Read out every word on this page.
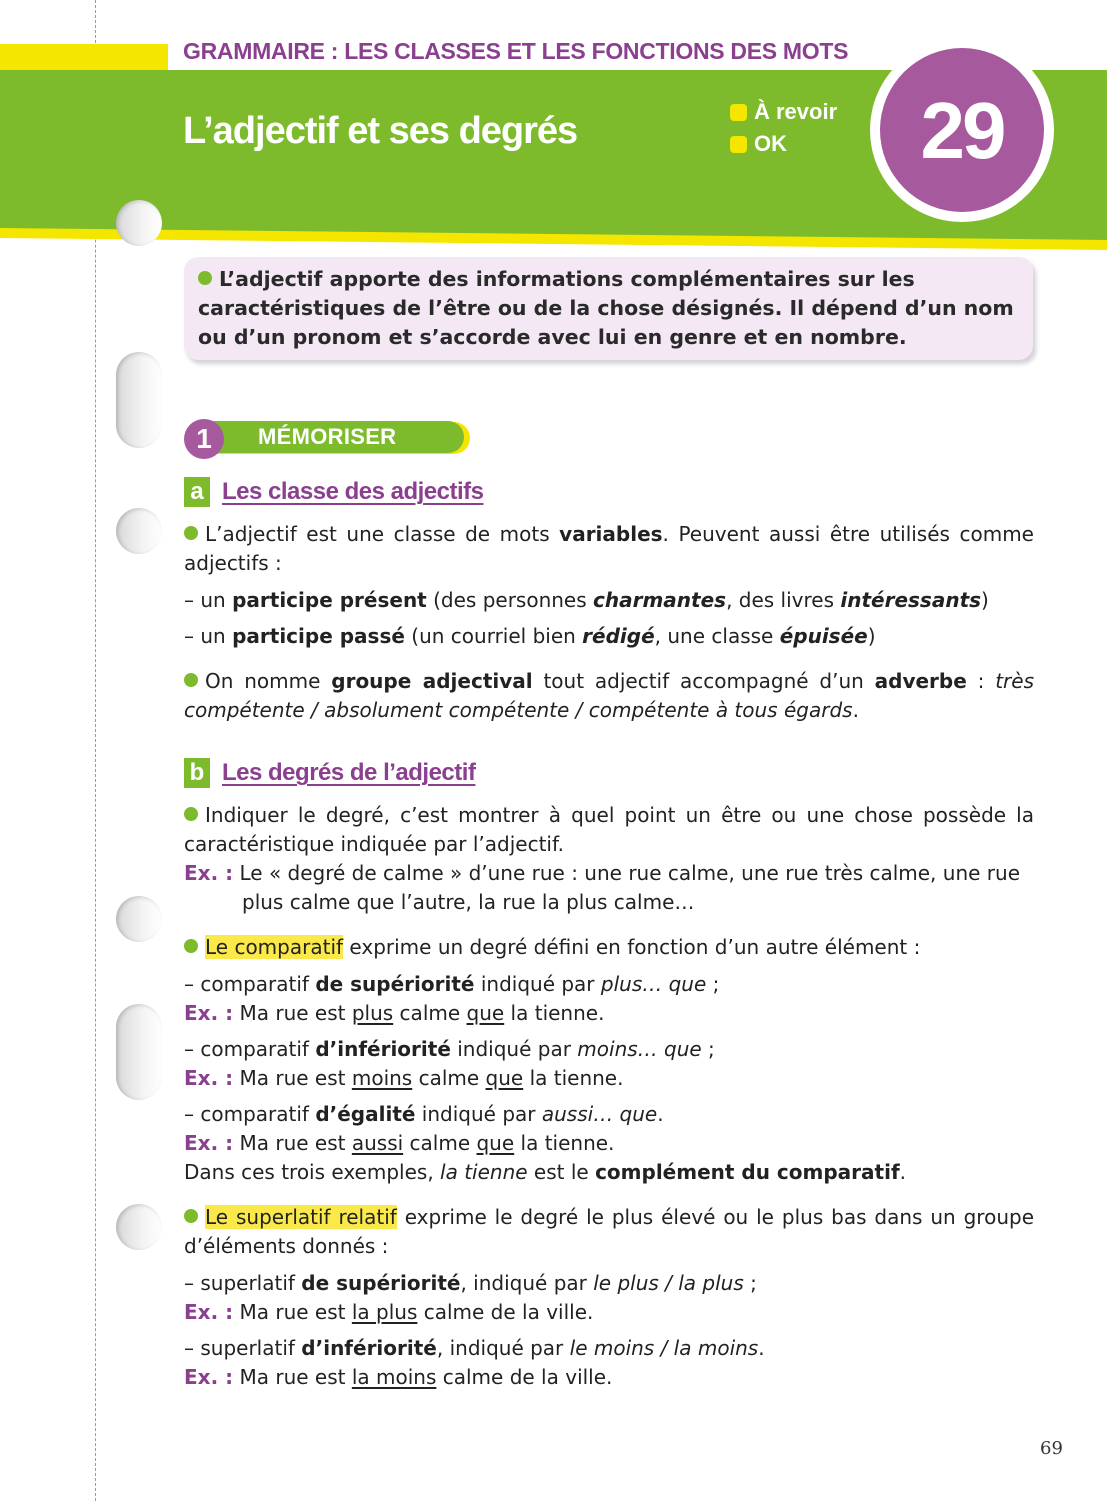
GRAMMAIRE : LES CLASSES ET LES FONCTIONS DES MOTS
L’adjectif et ses degrés	À revoir
OK	29
L’adjectif apporte des informations complémentaires sur les caractéristiques de l’être ou de la chose désignés. Il dépend d’un nom ou d’un pronom et s’accorde avec lui en genre et en nombre.
1	MÉMORISER
a Les classe des adjectifs

L’adjectif est une classe de mots variables. Peuvent aussi être utilisés comme adjectifs :

– un participe présent (des personnes charmantes, des livres intéressants)

– un participe passé (un courriel bien rédigé, une classe épuisée)

On nomme groupe adjectival tout adjectif accompagné d’un adverbe : très compétente / absolument compétente / compétente à tous égards.

b Les degrés de l’adjectif

Indiquer le degré, c’est montrer à quel point un être ou une chose possède la caractéristique indiquée par l’adjectif.

Ex. : Le « degré de calme » d’une rue : une rue calme, une rue très calme, une rue plus calme que l’autre, la rue la plus calme…

Le comparatif exprime un degré défini en fonction d’un autre élément :

– comparatif de supériorité indiqué par plus… que ;

Ex. : Ma rue est plus calme que la tienne.

– comparatif d’infériorité indiqué par moins… que ;

Ex. : Ma rue est moins calme que la tienne.

– comparatif d’égalité indiqué par aussi… que.

Ex. : Ma rue est aussi calme que la tienne.

Dans ces trois exemples, la tienne est le complément du comparatif.

Le superlatif relatif exprime le degré le plus élevé ou le plus bas dans un groupe d’éléments donnés :

– superlatif de supériorité, indiqué par le plus / la plus ;

Ex. : Ma rue est la plus calme de la ville.

– superlatif d’infériorité, indiqué par le moins / la moins.

Ex. : Ma rue est la moins calme de la ville.

69
